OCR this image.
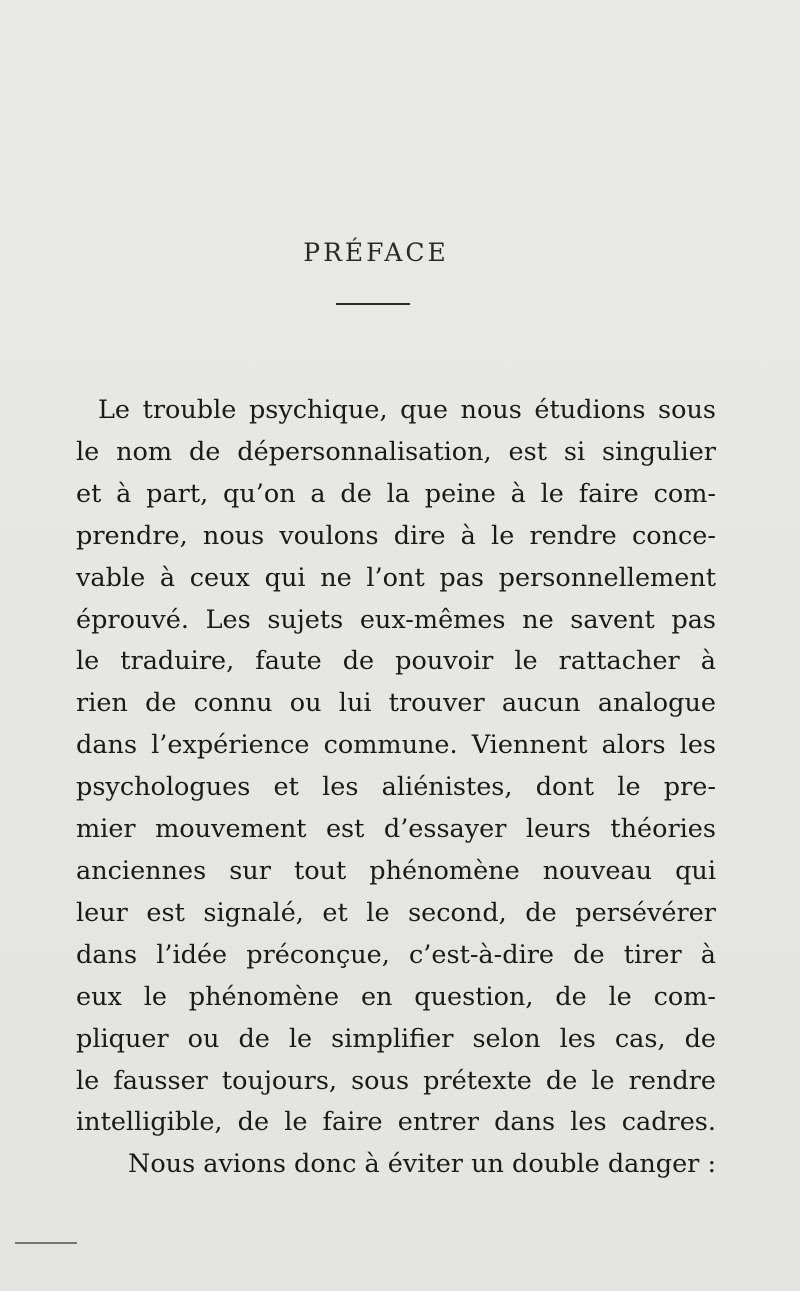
PRÉFACE
Le trouble psychique, que nous étudions sous
le nom de dépersonnalisation, est si singulier
et à part, qu’on a de la peine à le faire com-
prendre, nous voulons dire à le rendre conce-
vable à ceux qui ne l’ont pas personnellement
éprouvé. Les sujets eux-mêmes ne savent pas
le traduire, faute de pouvoir le rattacher à
rien de connu ou lui trouver aucun analogue
dans l’expérience commune. Viennent alors les
psychologues et les aliénistes, dont le pre-
mier mouvement est d’essayer leurs théories
anciennes sur tout phénomène nouveau qui
leur est signalé, et le second, de persévérer
dans l’idée préconçue, c’est-à-dire de tirer à
eux le phénomène en question, de le com-
pliquer ou de le simplifier selon les cas, de
le fausser toujours, sous prétexte de le rendre
intelligible, de le faire entrer dans les cadres.
Nous avions donc à éviter un double danger :
